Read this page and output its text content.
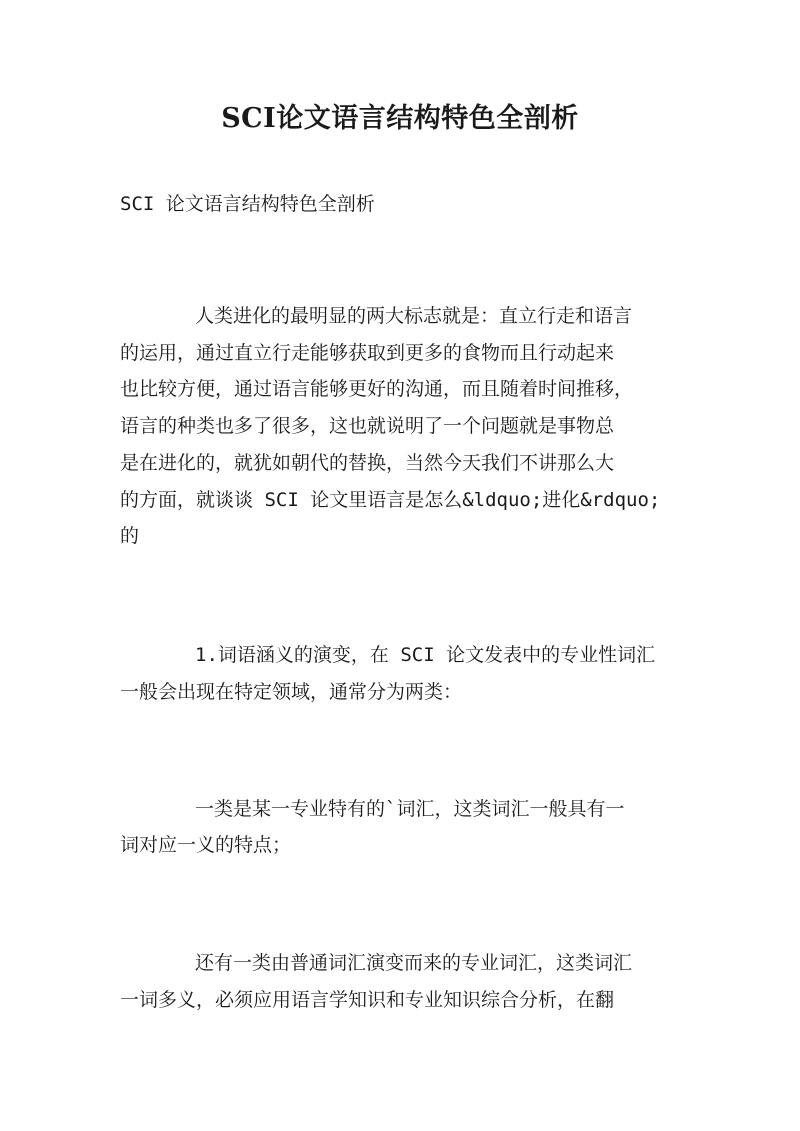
SCI论文语言结构特色全剖析

SCI 论文语言结构特色全剖析

人类进化的最明显的两大标志就是：直立行走和语言

的运用，通过直立行走能够获取到更多的食物而且行动起来

也比较方便，通过语言能够更好的沟通，而且随着时间推移，

语言的种类也多了很多，这也就说明了一个问题就是事物总

是在进化的，就犹如朝代的替换，当然今天我们不讲那么大

的方面，就谈谈 SCI 论文里语言是怎么&ldquo;进化&rdquo;

的

1.词语涵义的演变，在 SCI 论文发表中的专业性词汇

一般会出现在特定领域，通常分为两类：

一类是某一专业特有的`词汇，这类词汇一般具有一

词对应一义的特点；

还有一类由普通词汇演变而来的专业词汇，这类词汇

一词多义，必须应用语言学知识和专业知识综合分析，在翻
